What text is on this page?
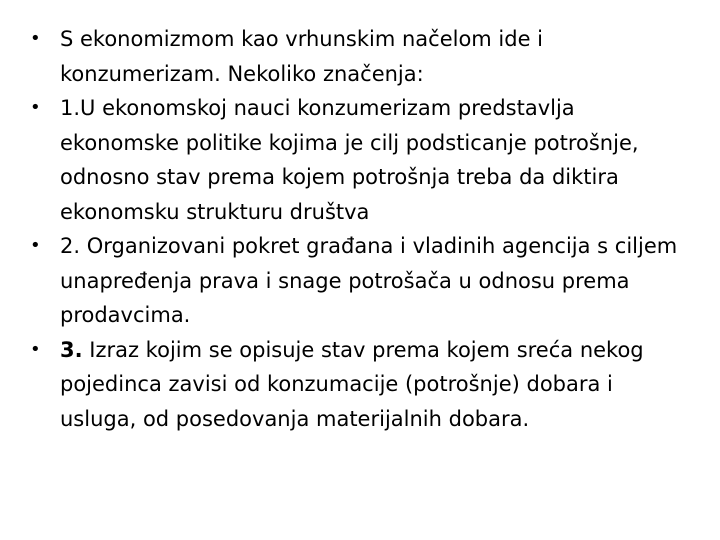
• S ekonomizmom kao vrhunskim načelom ide i konzumerizam. Nekoliko značenja:
• 1.U ekonomskoj nauci konzumerizam predstavlja ekonomske politike kojima je cilj podsticanje potrošnje, odnosno stav prema kojem potrošnja treba da diktira ekonomsku strukturu društva
• 2. Organizovani pokret građana i vladinih agencija s ciljem unapređenja prava i snage potrošača u odnosu prema prodavcima.
• 3. Izraz kojim se opisuje stav prema kojem sreća nekog pojedinca zavisi od konzumacije (potrošnje) dobara i usluga, od posedovanja materijalnih dobara.
